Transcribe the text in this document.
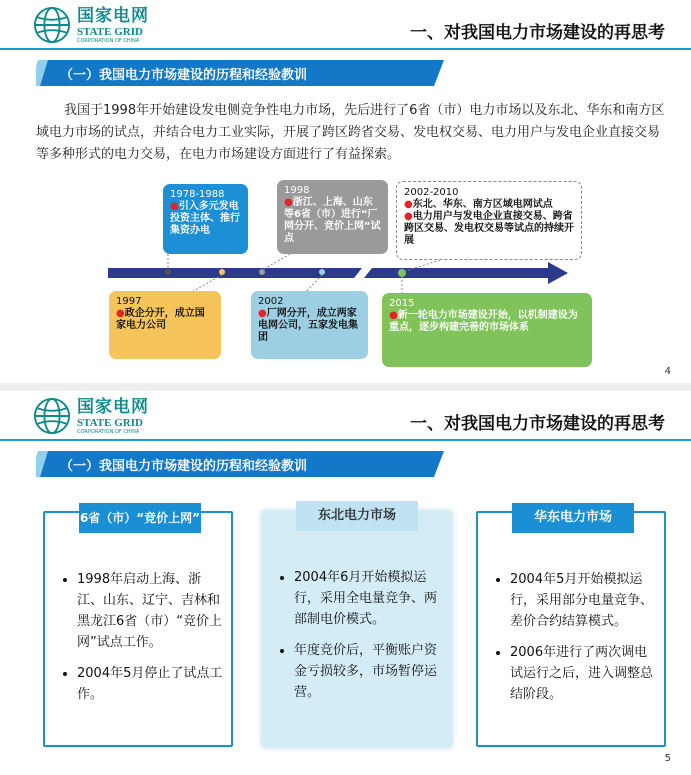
国家电网
STATE GRID
CORPORATION OF CHINA	一、对我国电力市场建设的再思考
（一）我国电力市场建设的历程和经验教训
我国于1998年开始建设发电侧竞争性电力市场，先后进行了6省（市）电力市场以及东北、华东和南方区域电力市场的试点，并结合电力工业实际，开展了跨区跨省交易、发电权交易、电力用户与发电企业直接交易等多种形式的电力交易，在电力市场建设方面进行了有益探索。
1978-1988
●引入多元发电投资主体、推行集资办电
1998
●浙江、上海、山东等6省（市）进行“厂网分开、竞价上网”试点
2002-2010
●东北、华东、南方区域电网试点
●电力用户与发电企业直接交易、跨省跨区交易、发电权交易等试点的持续开展
1997
●政企分开，成立国家电力公司
2002
●厂网分开，成立两家电网公司，五家发电集团
2015
●新一轮电力市场建设开始，以机制建设为重点，逐步构建完善的市场体系
4
国家电网
STATE GRID
CORPORATION OF CHINA	一、对我国电力市场建设的再思考
（一）我国电力市场建设的历程和经验教训
6省（市）“竞价上网”
• 1998年启动上海、浙江、山东、辽宁、吉林和黑龙江6省（市）“竞价上网”试点工作。
• 2004年5月停止了试点工作。
东北电力市场
• 2004年6月开始模拟运行，采用全电量竞争、两部制电价模式。
• 年度竞价后，平衡账户资金亏损较多，市场暂停运营。
华东电力市场
• 2004年5月开始模拟运行，采用部分电量竞争、差价合约结算模式。
• 2006年进行了两次调电试运行之后，进入调整总结阶段。
5
